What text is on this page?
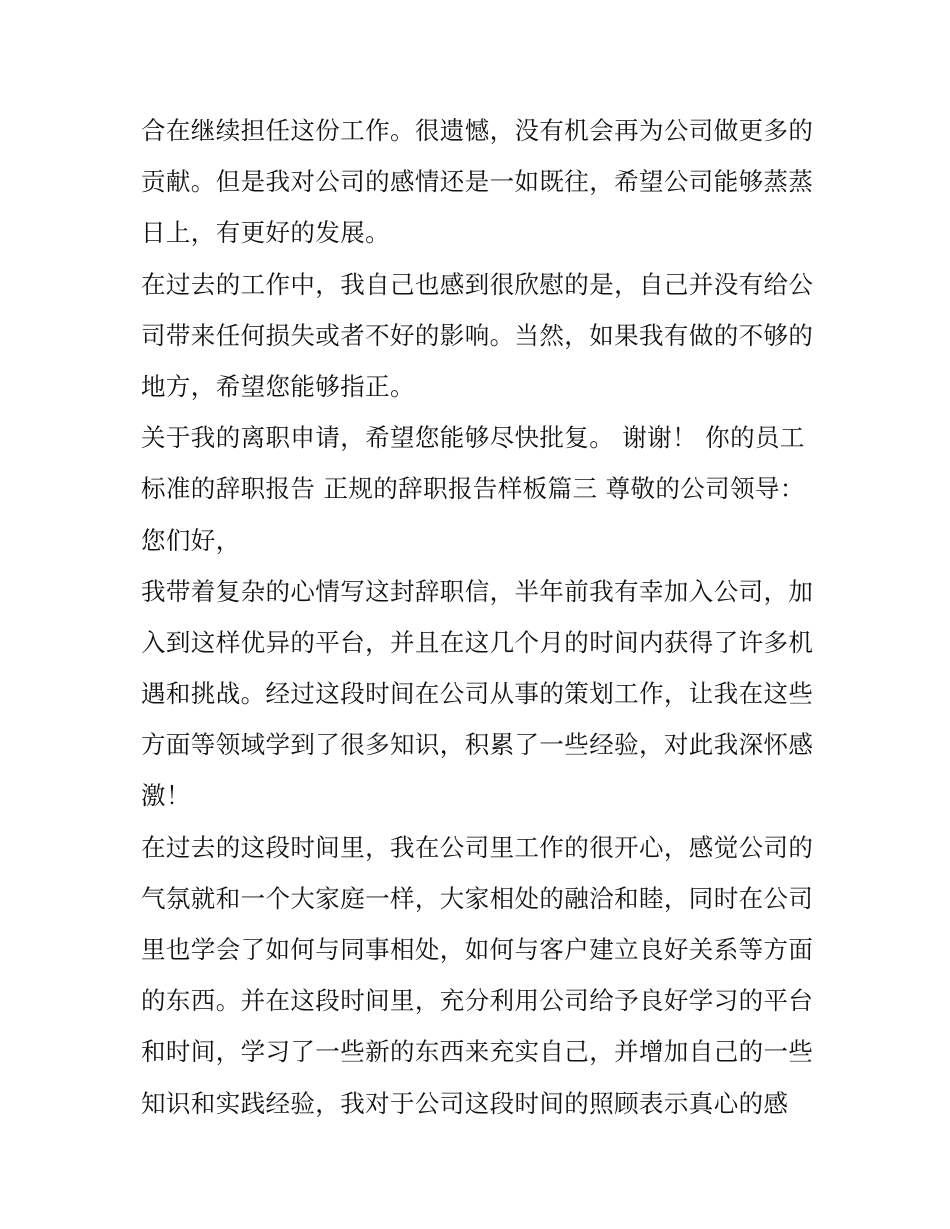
合在继续担任这份工作。很遗憾，没有机会再为公司做更多的
贡献。但是我对公司的感情还是一如既往，希望公司能够蒸蒸
日上，有更好的发展。
在过去的工作中，我自己也感到很欣慰的是，自己并没有给公
司带来任何损失或者不好的影响。当然，如果我有做的不够的
地方，希望您能够指正。
关于我的离职申请，希望您能够尽快批复。 谢谢！ 你的员工
标准的辞职报告 正规的辞职报告样板篇三 尊敬的公司领导：
您们好，
我带着复杂的心情写这封辞职信，半年前我有幸加入公司，加
入到这样优异的平台，并且在这几个月的时间内获得了许多机
遇和挑战。经过这段时间在公司从事的策划工作，让我在这些
方面等领域学到了很多知识，积累了一些经验，对此我深怀感
激！
在过去的这段时间里，我在公司里工作的很开心，感觉公司的
气氛就和一个大家庭一样，大家相处的融洽和睦，同时在公司
里也学会了如何与同事相处，如何与客户建立良好关系等方面
的东西。并在这段时间里，充分利用公司给予良好学习的平台
和时间，学习了一些新的东西来充实自己，并增加自己的一些
知识和实践经验，我对于公司这段时间的照顾表示真心的感
